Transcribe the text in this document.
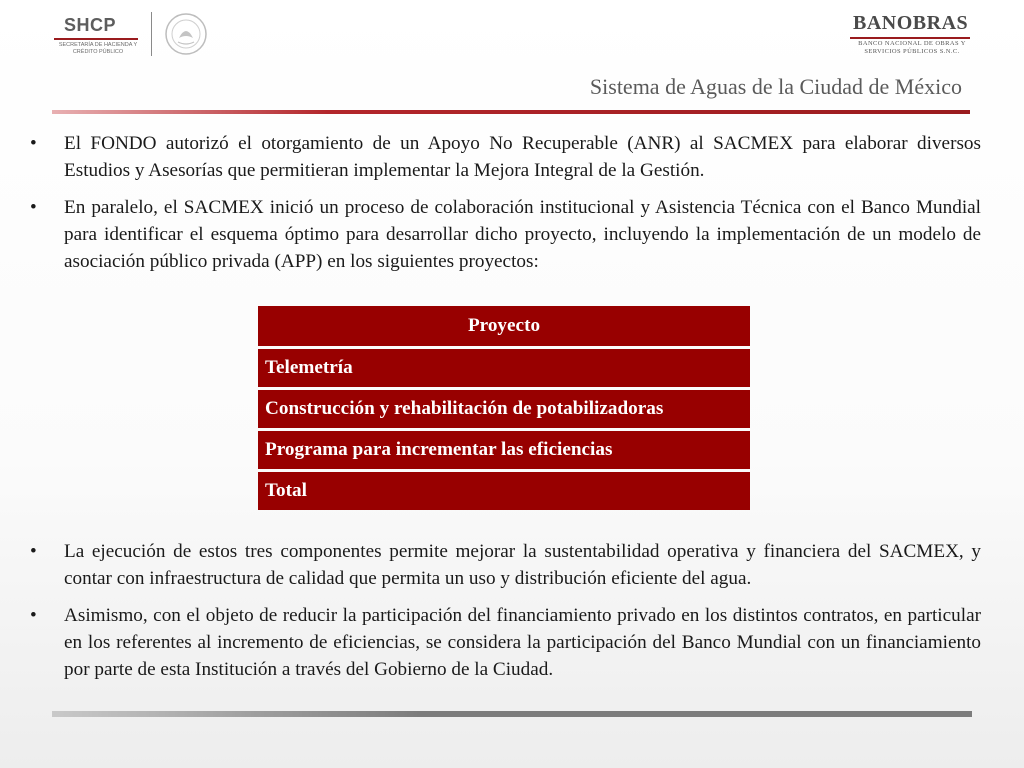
SHCP
SECRETARÍA DE HACIENDA Y CRÉDITO PÚBLICO
BANOBRAS
BANCO NACIONAL DE OBRAS Y SERVICIOS PÚBLICOS S.N.C.
Sistema de Aguas de la Ciudad de México
• El FONDO autorizó el otorgamiento de un Apoyo No Recuperable (ANR) al SACMEX para elaborar diversos Estudios y Asesorías que permitieran implementar la Mejora Integral de la Gestión.
• En paralelo, el SACMEX inició un proceso de colaboración institucional y Asistencia Técnica con el Banco Mundial para identificar el esquema óptimo para desarrollar dicho proyecto, incluyendo la implementación de un modelo de asociación público privada (APP) en los siguientes proyectos:
Proyecto
Telemetría
Construcción y rehabilitación de potabilizadoras
Programa para incrementar las eficiencias
Total
• La ejecución de estos tres componentes permite mejorar la sustentabilidad operativa y financiera del SACMEX, y contar con infraestructura de calidad que permita un uso y distribución eficiente del agua.
• Asimismo, con el objeto de reducir la participación del financiamiento privado en los distintos contratos, en particular en los referentes al incremento de eficiencias, se considera la participación del Banco Mundial con un financiamiento por parte de esta Institución a través del Gobierno de la Ciudad.
